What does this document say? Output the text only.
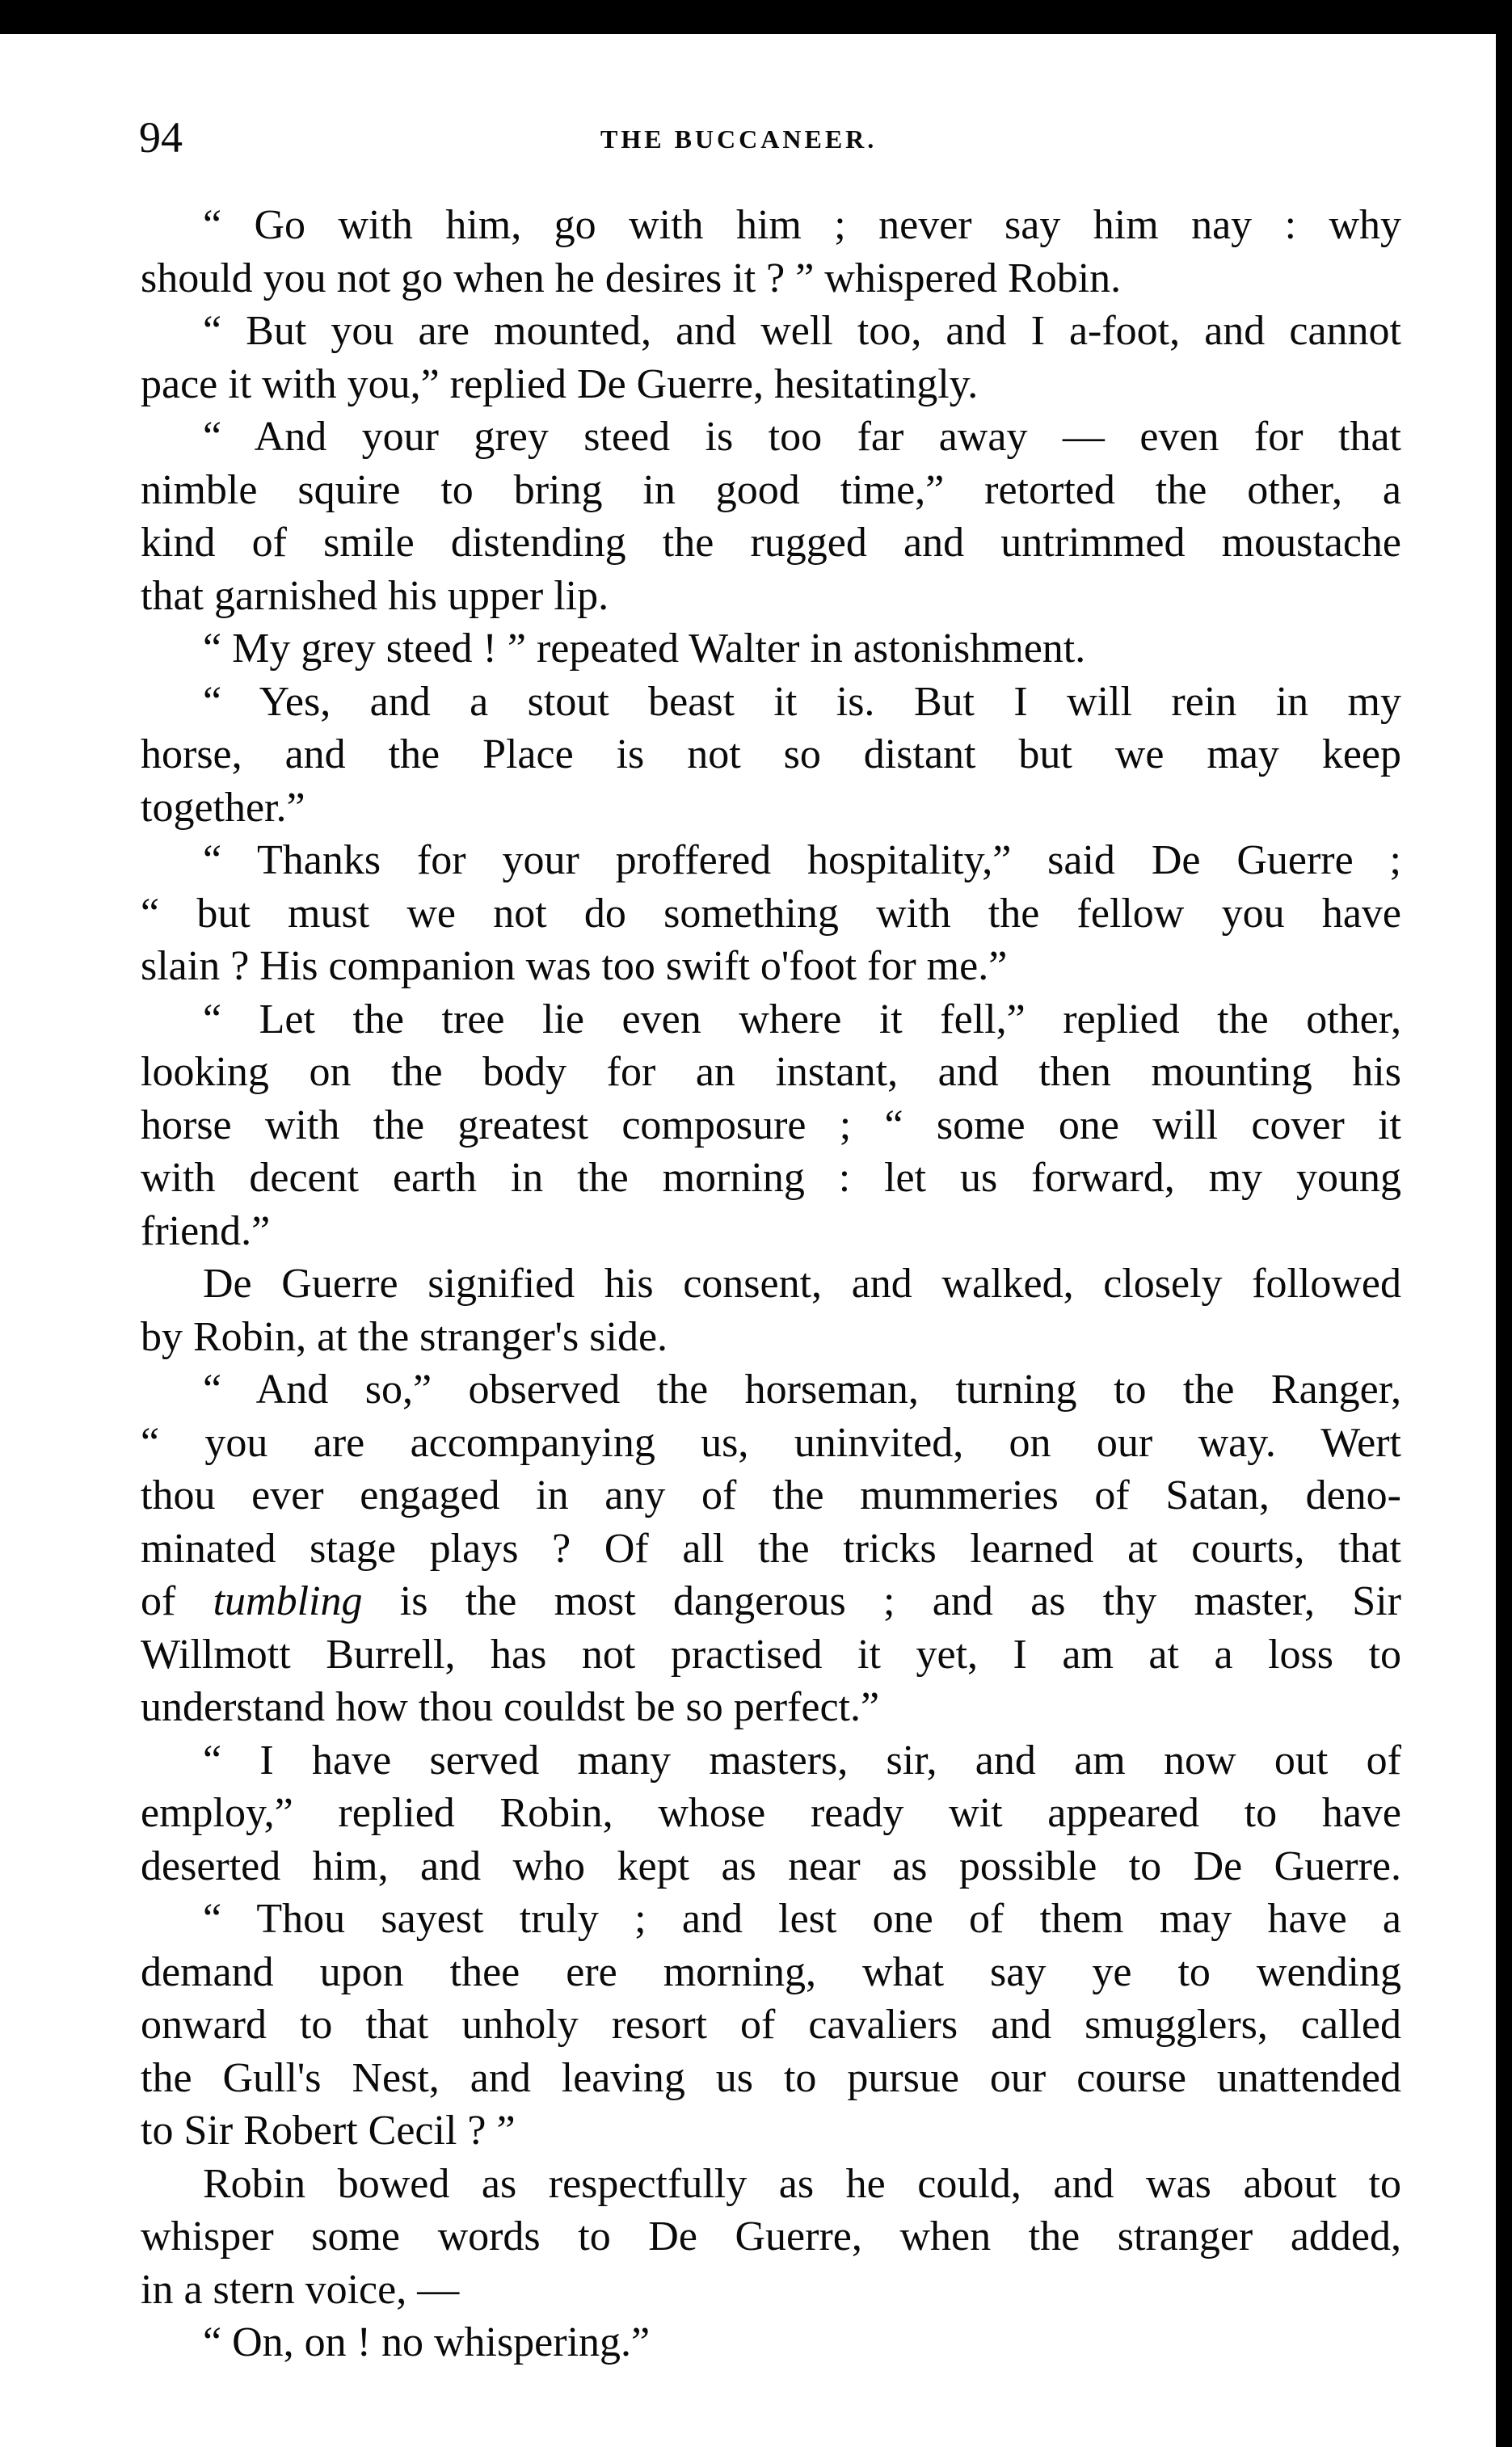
94	THE BUCCANEER.
“ Go with him, go with him ; never say him nay : why
should you not go when he desires it ? ” whispered Robin.
“ But you are mounted, and well too, and I a-foot, and cannot
pace it with you,” replied De Guerre, hesitatingly.
“ And your grey steed is too far away — even for that
nimble squire to bring in good time,” retorted the other, a
kind of smile distending the rugged and untrimmed moustache
that garnished his upper lip.
“ My grey steed ! ” repeated Walter in astonishment.
“ Yes, and a stout beast it is. But I will rein in my
horse, and the Place is not so distant but we may keep
together.”
“ Thanks for your proffered hospitality,” said De Guerre ;
“ but must we not do something with the fellow you have
slain ? His companion was too swift o'foot for me.”
“ Let the tree lie even where it fell,” replied the other,
looking on the body for an instant, and then mounting his
horse with the greatest composure ; “ some one will cover it
with decent earth in the morning : let us forward, my young
friend.”
De Guerre signified his consent, and walked, closely followed
by Robin, at the stranger's side.
“ And so,” observed the horseman, turning to the Ranger,
“ you are accompanying us, uninvited, on our way. Wert
thou ever engaged in any of the mummeries of Satan, deno-
minated stage plays ? Of all the tricks learned at courts, that
of tumbling is the most dangerous ; and as thy master, Sir
Willmott Burrell, has not practised it yet, I am at a loss to
understand how thou couldst be so perfect.”
“ I have served many masters, sir, and am now out of
employ,” replied Robin, whose ready wit appeared to have
deserted him, and who kept as near as possible to De Guerre.
“ Thou sayest truly ; and lest one of them may have a
demand upon thee ere morning, what say ye to wending
onward to that unholy resort of cavaliers and smugglers, called
the Gull's Nest, and leaving us to pursue our course unattended
to Sir Robert Cecil ? ”
Robin bowed as respectfully as he could, and was about to
whisper some words to De Guerre, when the stranger added,
in a stern voice, —
“ On, on ! no whispering.”
